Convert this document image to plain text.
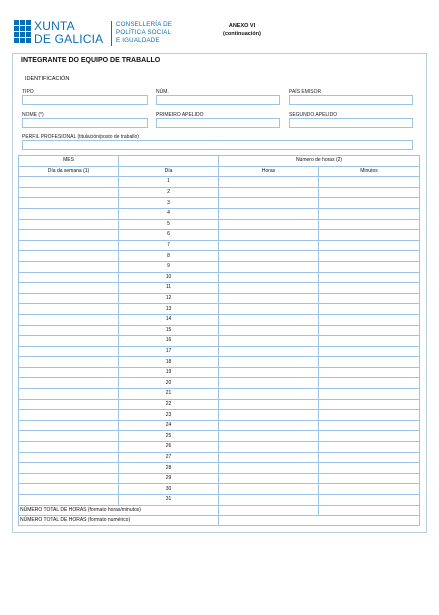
XUNTA
DE GALICIA
CONSELLERÍA DE
POLÍTICA SOCIAL
E IGUALDADE
ANEXO VI
(continuación)
INTEGRANTE DO EQUIPO DE TRABALLO
IDENTIFICACIÓN
TIPO	NÚM.	PAÍS EMISOR
NOME (*)	PRIMEIRO APELIDO	SEGUNDO APELIDO
PERFIL PROFESIONAL (titulación/posto de traballo)
MES		Número de horas (2)	
Día da semana (1)	Día	Horas	Minutos
	1		
	2		
	3		
	4		
	5		
	6		
	7		
	8		
	9		
	10		
	11		
	12		
	13		
	14		
	15		
	16		
	17		
	18		
	19		
	20		
	21		
	22		
	23		
	24		
	25		
	26		
	27		
	28		
	29		
	30		
	31		
NÚMERO TOTAL DE HORAS (formato horas/minutos)			
NÚMERO TOTAL DE HORAS (formato numérico)			
